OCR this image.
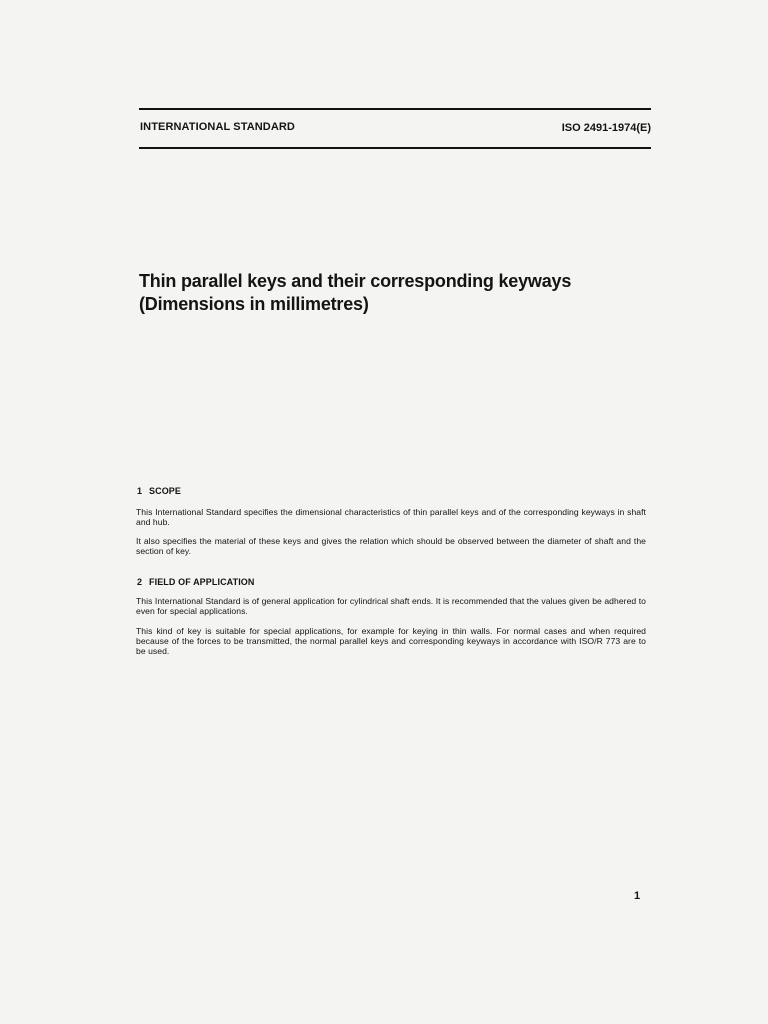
INTERNATIONAL STANDARD	ISO 2491-1974(E)
Thin parallel keys and their corresponding keyways
(Dimensions in millimetres)
1 SCOPE
This International Standard specifies the dimensional characteristics of thin parallel keys and of the corresponding keyways in shaft and hub.
It also specifies the material of these keys and gives the relation which should be observed between the diameter of shaft and the section of key.
2 FIELD OF APPLICATION
This International Standard is of general application for cylindrical shaft ends. It is recommended that the values given be adhered to even for special applications.
This kind of key is suitable for special applications, for example for keying in thin walls. For normal cases and when required because of the forces to be transmitted, the normal parallel keys and corresponding keyways in accordance with ISO/R 773 are to be used.
1
